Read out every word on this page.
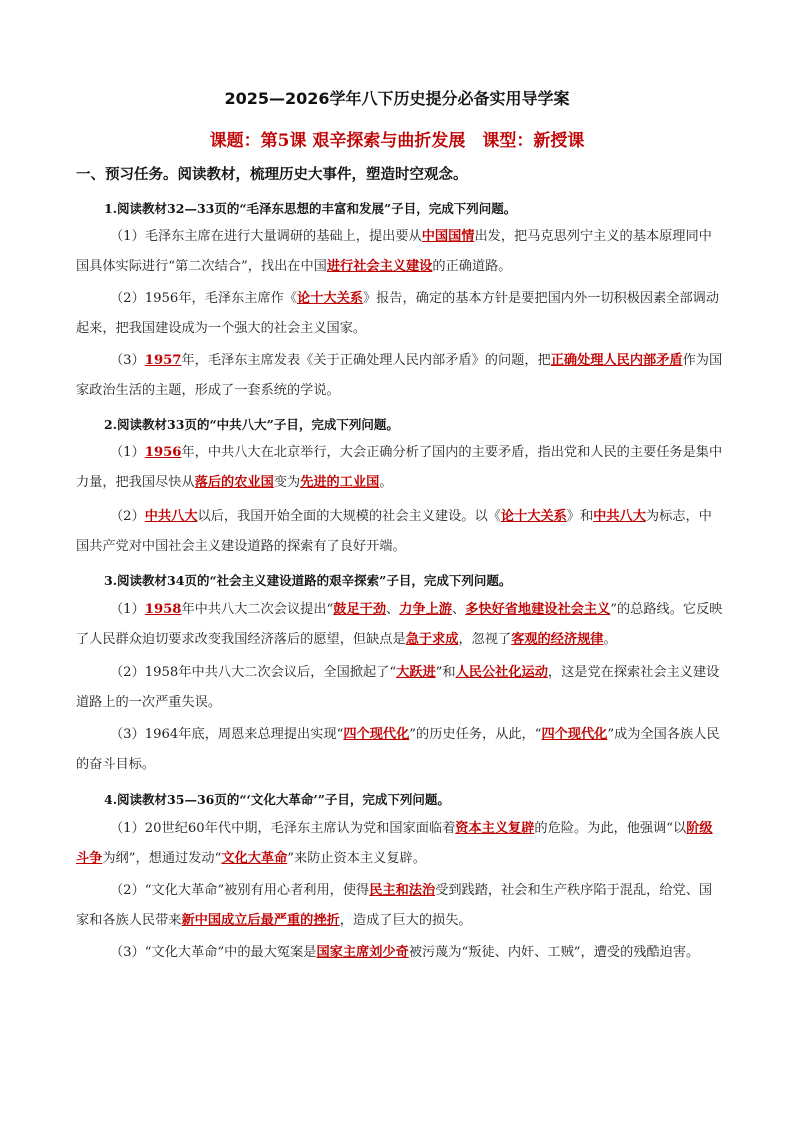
2025—2026学年八下历史提分必备实用导学案
课题：第5课 艰辛探索与曲折发展　课型：新授课
一、预习任务。阅读教材，梳理历史大事件，塑造时空观念。
1.阅读教材32—33页的“毛泽东思想的丰富和发展”子目，完成下列问题。
（1）毛泽东主席在进行大量调研的基础上，提出要从中国国情出发，把马克思列宁主义的基本原理同中国具体实际进行“第二次结合”，找出在中国进行社会主义建设的正确道路。
（2）1956年，毛泽东主席作《论十大关系》报告，确定的基本方针是要把国内外一切积极因素全部调动起来，把我国建设成为一个强大的社会主义国家。
（3）1957年，毛泽东主席发表《关于正确处理人民内部矛盾》的问题，把正确处理人民内部矛盾作为国家政治生活的主题，形成了一套系统的学说。
2.阅读教材33页的“中共八大”子目，完成下列问题。
（1）1956年，中共八大在北京举行，大会正确分析了国内的主要矛盾，指出党和人民的主要任务是集中力量，把我国尽快从落后的农业国变为先进的工业国。
（2）中共八大以后，我国开始全面的大规模的社会主义建设。以《论十大关系》和中共八大为标志，中国共产党对中国社会主义建设道路的探索有了良好开端。
3.阅读教材34页的“社会主义建设道路的艰辛探索”子目，完成下列问题。
（1）1958年中共八大二次会议提出“鼓足干劲、力争上游、多快好省地建设社会主义”的总路线。它反映了人民群众迫切要求改变我国经济落后的愿望，但缺点是急于求成，忽视了客观的经济规律。
（2）1958年中共八大二次会议后，全国掀起了“大跃进”和人民公社化运动，这是党在探索社会主义建设道路上的一次严重失误。
（3）1964年底，周恩来总理提出实现“四个现代化”的历史任务，从此，“四个现代化”成为全国各族人民的奋斗目标。
4.阅读教材35—36页的“‘文化大革命’”子目，完成下列问题。
（1）20世纪60年代中期，毛泽东主席认为党和国家面临着资本主义复辟的危险。为此，他强调“以阶级斗争为纲”，想通过发动“文化大革命”来防止资本主义复辟。
（2）“文化大革命”被别有用心者利用，使得民主和法治受到践踏，社会和生产秩序陷于混乱，给党、国家和各族人民带来新中国成立后最严重的挫折，造成了巨大的损失。
（3）“文化大革命”中的最大冤案是国家主席刘少奇被污蔑为“叛徒、内奸、工贼”，遭受的残酷迫害。
